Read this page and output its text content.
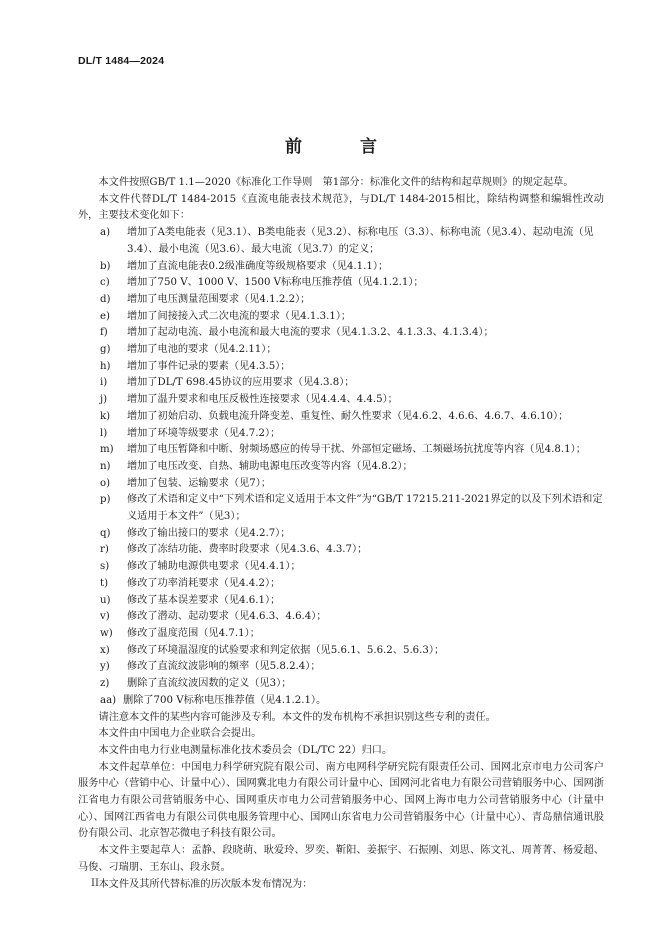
DL/T 1484—2024
前 言

本文件按照GB/T 1.1—2020《标准化工作导则　第1部分：标准化文件的结构和起草规则》的规定起草。

本文件代替DL/T 1484-2015《直流电能表技术规范》，与DL/T 1484-2015相比，除结构调整和编辑性改动外，主要技术变化如下：

a)	增加了A类电能表（见3.1）、B类电能表（见3.2）、标称电压（3.3）、标称电流（见3.4）、起动电流（见3.4）、最小电流（见3.6）、最大电流（见3.7）的定义；
b)	增加了直流电能表0.2级准确度等级规格要求（见4.1.1）；
c)	增加了750 V、1000 V、1500 V标称电压推荐值（见4.1.2.1）；
d)	增加了电压测量范围要求（见4.1.2.2）；
e)	增加了间接接入式二次电流的要求（见4.1.3.1）；
f)	增加了起动电流、最小电流和最大电流的要求（见4.1.3.2、4.1.3.3、4.1.3.4）；
g)	增加了电池的要求（见4.2.11）；
h)	增加了事件记录的要素（见4.3.5）；
i)	增加了DL/T 698.45协议的应用要求（见4.3.8）；
j)	增加了温升要求和电压反极性连接要求（见4.4.4、4.4.5）；
k)	增加了初始启动、负载电流升降变差、重复性、耐久性要求（见4.6.2、4.6.6、4.6.7、4.6.10）；
l)	增加了环境等级要求（见4.7.2）；
m)	增加了电压暂降和中断、射频场感应的传导干扰、外部恒定磁场、工频磁场抗扰度等内容（见4.8.1）；
n)	增加了电压改变、自热、辅助电源电压改变等内容（见4.8.2）；
o)	增加了包装、运输要求（见7）；
p)	修改了术语和定义中“下列术语和定义适用于本文件”为“GB/T 17215.211-2021界定的以及下列术语和定义适用于本文件”（见3）；
q)	修改了输出接口的要求（见4.2.7）；
r)	修改了冻结功能、费率时段要求（见4.3.6、4.3.7）；
s)	修改了辅助电源供电要求（见4.4.1）；
t)	修改了功率消耗要求（见4.4.2）；
u)	修改了基本误差要求（见4.6.1）；
v)	修改了潜动、起动要求（见4.6.3、4.6.4）；
w)	修改了温度范围（见4.7.1）；
x)	修改了环境温湿度的试验要求和判定依据（见5.6.1、5.6.2、5.6.3）；
y)	修改了直流纹波影响的频率（见5.8.2.4）；
z)	删除了直流纹波因数的定义（见3）；
aa) 删除了700 V标称电压推荐值（见4.1.2.1）。

请注意本文件的某些内容可能涉及专利。本文件的发布机构不承担识别这些专利的责任。

本文件由中国电力企业联合会提出。

本文件由电力行业电测量标准化技术委员会（DL/TC 22）归口。

本文件起草单位：中国电力科学研究院有限公司、南方电网科学研究院有限责任公司、国网北京市电力公司客户服务中心（营销中心、计量中心）、国网冀北电力有限公司计量中心、国网河北省电力有限公司营销服务中心、国网浙江省电力有限公司营销服务中心、国网重庆市电力公司营销服务中心、国网上海市电力公司营销服务中心（计量中心）、国网江西省电力有限公司供电服务管理中心、国网山东省电力公司营销服务中心（计量中心）、青岛鼎信通讯股份有限公司、北京智芯微电子科技有限公司。

本文件主要起草人：孟静、段晓萌、耿爱玲、罗奕、靳阳、姜振宇、石振刚、刘思、陈文礼、周菁菁、杨爱超、马俊、刁瑞朋、王东山、段永贤。

本文件及其所代替标准的历次版本发布情况为：

II
